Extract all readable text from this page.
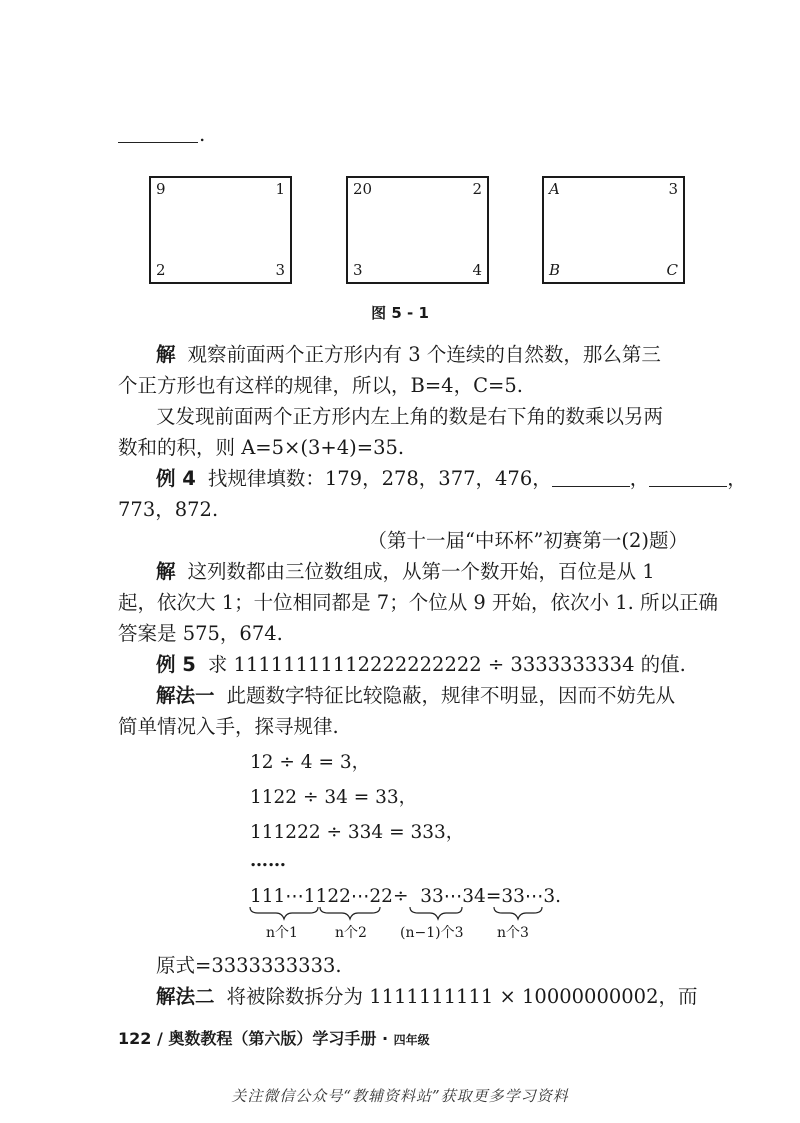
.
9	1
2	3
20	2
3	4
A	3
B	C
图 5 - 1
解 观察前面两个正方形内有 3 个连续的自然数，那么第三
个正方形也有这样的规律，所以，B=4，C=5.
又发现前面两个正方形内左上角的数是右下角的数乘以另两
数和的积，则 A=5×(3+4)=35.
例 4 找规律填数：179，278，377，476，	，	，
773，872.
（第十一届“中环杯”初赛第一(2)题）
解 这列数都由三位数组成，从第一个数开始，百位是从 1
起，依次大 1；十位相同都是 7；个位从 9 开始，依次小 1. 所以正确
答案是 575，674.
例 5 求 11111111112222222222 ÷ 3333333334 的值.
解法一 此题数字特征比较隐蔽，规律不明显，因而不妨先从
简单情况入手，探寻规律.
12 ÷ 4 = 3，
1122 ÷ 34 = 33，
111222 ÷ 334 = 333，
……
111⋯1122⋯22÷ 33⋯34=33⋯3.
n个1	n个2 (n−1)个3 n个3
原式=3333333333.
解法二 将被除数拆分为 1111111111 × 10000000002，而
122 / 奥数教程（第六版）学习手册 · 四年级
关注微信公众号“教辅资料站”获取更多学习资料
